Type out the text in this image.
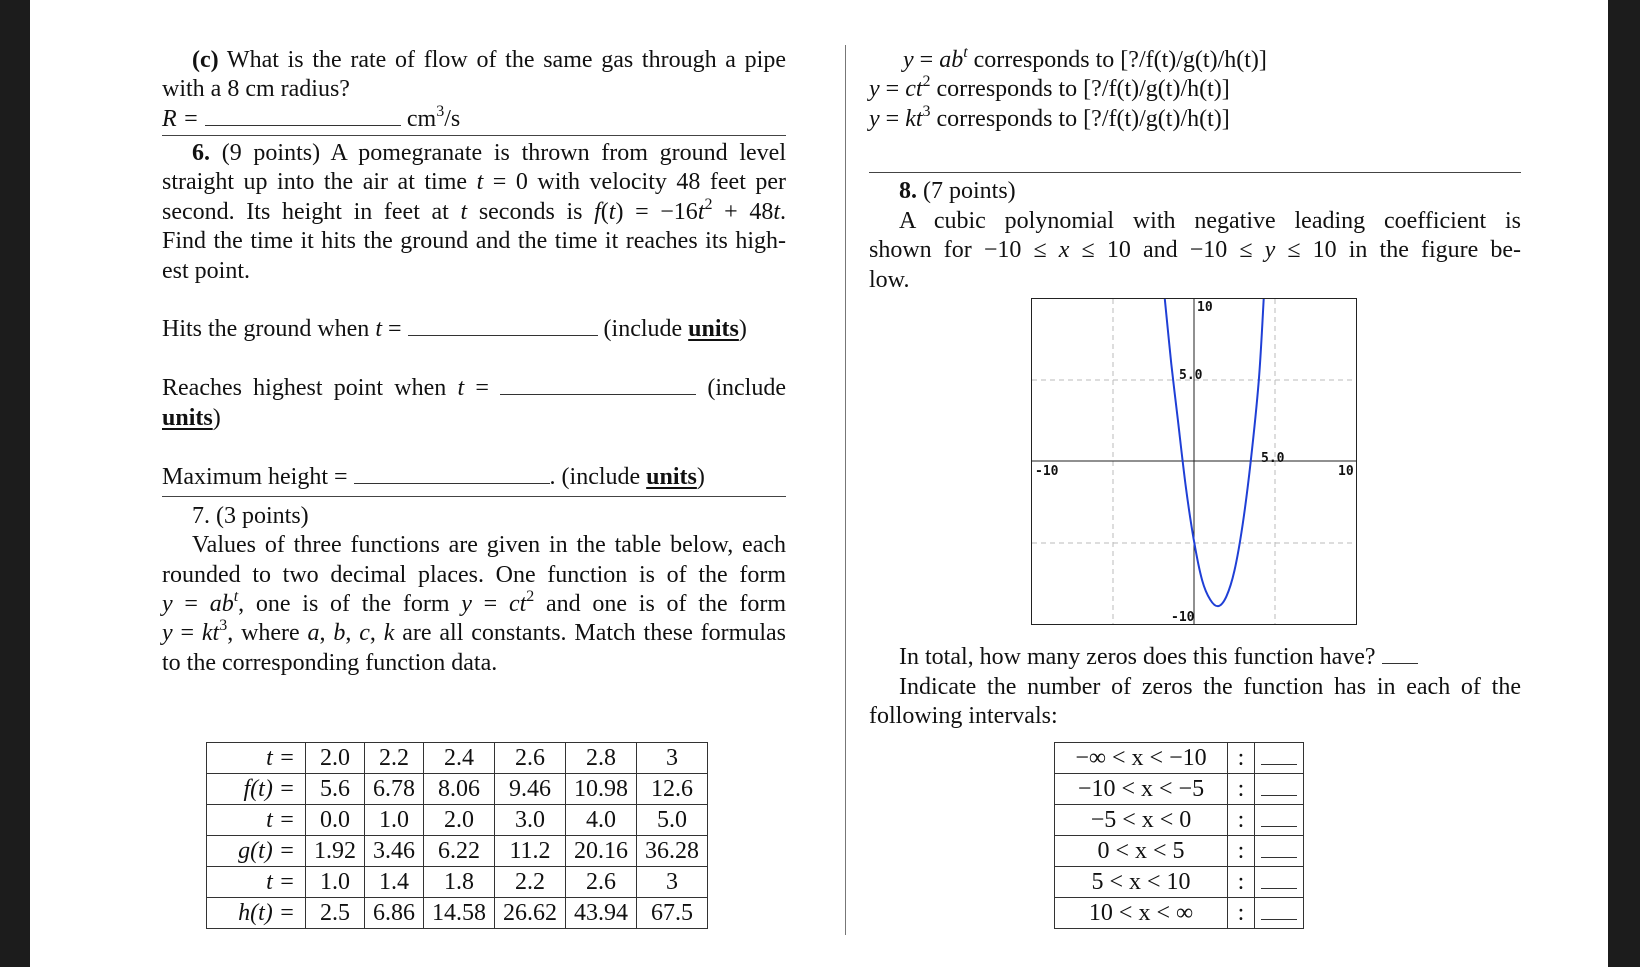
(c) What is the rate of flow of the same gas through a pipe
with a 8 cm radius?
R =	$cm^3/s$
6. (9 points) A pomegranate is thrown from ground level
straight up into the air at time t = 0 with velocity 48 feet per
second. Its height in feet at t seconds is $f(t) = -16t^2 + 48t$.
Find the time it hits the ground and the time it reaches its high-
est point.
Hits the ground when t =	(include units)
Reaches highest point when t =	(include
units)
Maximum height =	. (include units)
7. (3 points)
Values of three functions are given in the table below, each
rounded to two decimal places. One function is of the form
$y = ab^t$, one is of the form $y = ct^2$ and one is of the form
$y = kt^3$, where a, b, c, k are all constants. Match these formulas
to the corresponding function data.
t =	2.0	2.2	2.4	2.6	2.8	3
f(t) =	5.6	6.78	8.06	9.46	10.98	12.6
t =	0.0	1.0	2.0	3.0	4.0	5.0
g(t) =	1.92	3.46	6.22	11.2	20.16	36.28
t =	1.0	1.4	1.8	2.2	2.6	3
h(t) =	2.5	6.86	14.58	26.62	43.94	67.5
$y = ab^t$ corresponds to [?/f(t)/g(t)/h(t)]
$y = ct^2$ corresponds to [?/f(t)/g(t)/h(t)]
$y = kt^3$ corresponds to [?/f(t)/g(t)/h(t)]
8. (7 points)
A cubic polynomial with negative leading coefficient is
shown for −10 ≤ x ≤ 10 and −10 ≤ y ≤ 10 in the figure be-
low.
10
5.0
-10
5.0
10
-10
In total, how many zeros does this function have?
Indicate the number of zeros the function has in each of the
following intervals:
−∞ < x < −10	:	
−10 < x < −5	:	
−5 < x < 0	:	
0 < x < 5	:	
5 < x < 10	:	
10 < x < ∞	:	
